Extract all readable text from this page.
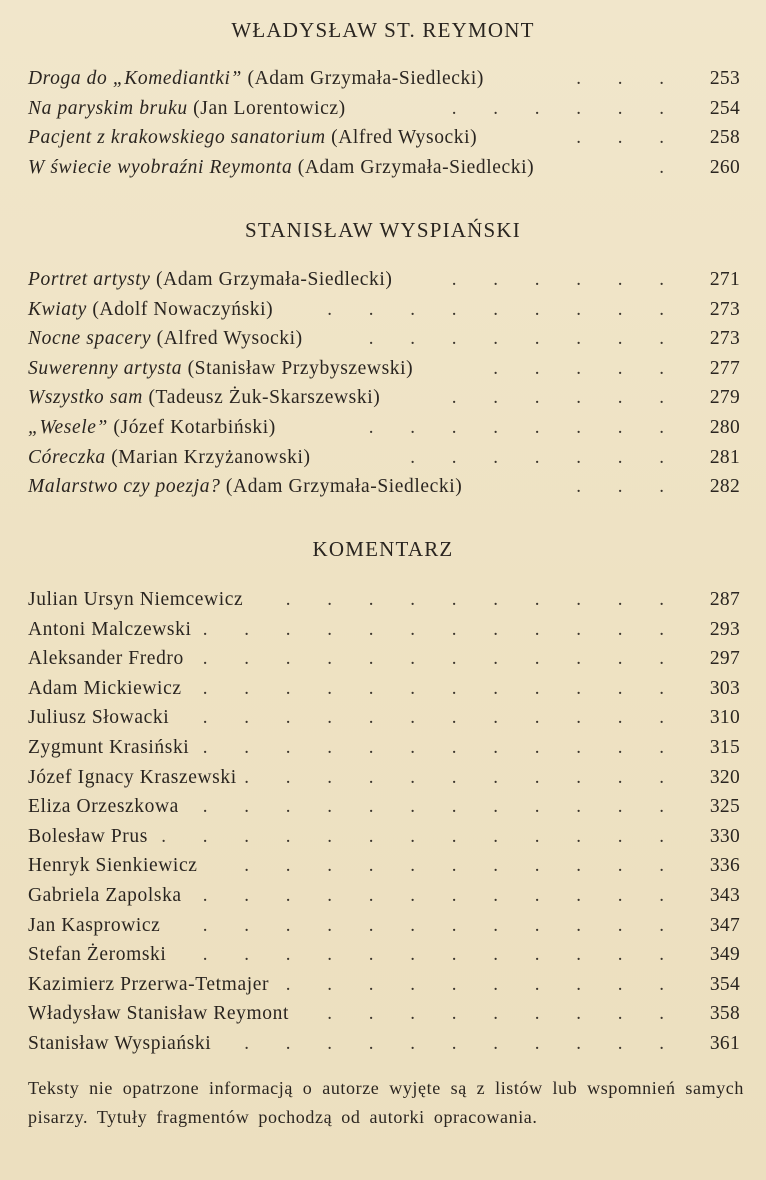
WŁADYSŁAW ST. REYMONT
Droga do „Komediantki” (Adam Grzymała-Siedlecki)	. . . 253
Na paryskim bruku (Jan Lorentowicz)	. . . . . . 254
Pacjent z krakowskiego sanatorium (Alfred Wysocki)	. . . 258
W świecie wyobraźni Reymonta (Adam Grzymała-Siedlecki)	. 260
STANISŁAW WYSPIAŃSKI
Portret artysty (Adam Grzymała-Siedlecki)	. . . . . . 271
Kwiaty (Adolf Nowaczyński)	. . . . . . . . . 273
Nocne spacery (Alfred Wysocki)	. . . . . . . . 273
Suwerenny artysta (Stanisław Przybyszewski)	. . . . . 277
Wszystko sam (Tadeusz Żuk-Skarszewski)	. . . . . . 279
„Wesele” (Józef Kotarbiński)	. . . . . . . . 280
Córeczka (Marian Krzyżanowski)	. . . . . . . 281
Malarstwo czy poezja? (Adam Grzymała-Siedlecki)	. . . 282
KOMENTARZ
Julian Ursyn Niemcewicz . . . . . . . . . . 287
Antoni Malczewski . . . . . . . . . . . . 293
Aleksander Fredro . . . . . . . . . . . . 297
Adam Mickiewicz . . . . . . . . . . . . 303
Juliusz Słowacki . . . . . . . . . . . . 310
Zygmunt Krasiński . . . . . . . . . . . . 315
Józef Ignacy Kraszewski . . . . . . . . . . . 320
Eliza Orzeszkowa . . . . . . . . . . . . 325
Bolesław Prus . . . . . . . . . . . . . 330
Henryk Sienkiewicz . . . . . . . . . . . 336
Gabriela Zapolska . . . . . . . . . . . . 343
Jan Kasprowicz . . . . . . . . . . . . 347
Stefan Żeromski . . . . . . . . . . . . 349
Kazimierz Przerwa-Tetmajer . . . . . . . . . . 354
Władysław Stanisław Reymont . . . . . . . . . 358
Stanisław Wyspiański . . . . . . . . . . . 361
Teksty nie opatrzone informacją o autorze wyjęte są z listów lub wspomnień samych pisarzy. Tytuły fragmentów pochodzą od autorki opracowania.
